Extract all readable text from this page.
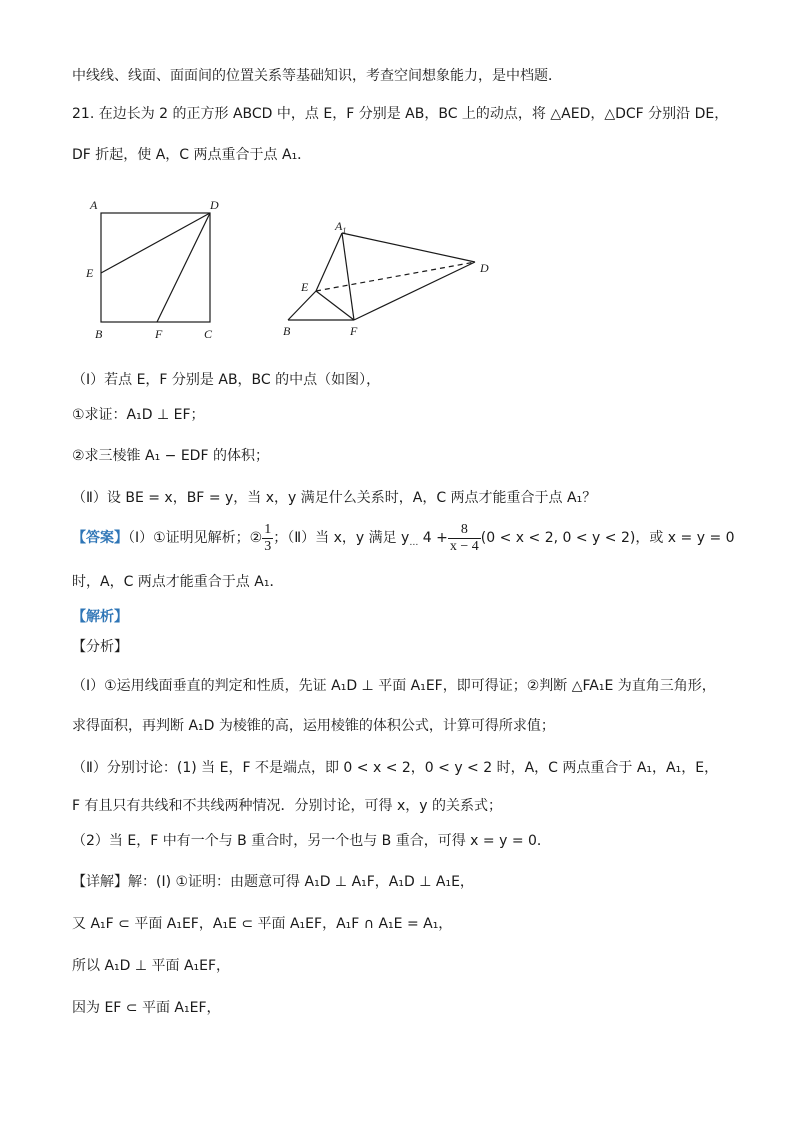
中线线、线面、面面间的位置关系等基础知识，考查空间想象能力，是中档题．
21. 在边长为 2 的正方形 ABCD 中，点 E，F 分别是 AB，BC 上的动点，将 △AED，△DCF 分别沿 DE，
DF 折起，使 A，C 两点重合于点 A₁．
A	D
E
B	F	C
$A_1$
D
E
B	F
（Ⅰ）若点 E，F 分别是 AB，BC 的中点（如图），
①求证：A₁D ⊥ EF；
②求三棱锥 A₁ − EDF 的体积；
（Ⅱ）设 BE = x，BF = y，当 x，y 满足什么关系时，A，C 两点才能重合于点 A₁？
【答案】（Ⅰ）①证明见解析；② $\frac{1}{3}$ ；（Ⅱ）当 x，y 满足 $y_\dots$ $4 + \frac{8}{x - 4} (0 < x < 2$, 0 < y < 2)，或 x = y = 0
时，A，C 两点才能重合于点 A₁．
【解析】
【分析】
（Ⅰ）①运用线面垂直的判定和性质，先证 A₁D ⊥ 平面 A₁EF，即可得证；②判断 △FA₁E 为直角三角形，
求得面积，再判断 A₁D 为棱锥的高，运用棱锥的体积公式，计算可得所求值；
（Ⅱ）分别讨论：(1) 当 E，F 不是端点，即 0 < x < 2，0 < y < 2 时，A，C 两点重合于 A₁，A₁，E，
F 有且只有共线和不共线两种情况．分别讨论，可得 x，y 的关系式；
（2）当 E，F 中有一个与 B 重合时，另一个也与 B 重合，可得 x = y = 0．
【详解】解：(Ⅰ) ①证明：由题意可得 A₁D ⊥ A₁F，A₁D ⊥ A₁E，
又 A₁F ⊂ 平面 A₁EF，A₁E ⊂ 平面 A₁EF，A₁F ∩ A₁E = A₁，
所以 A₁D ⊥ 平面 A₁EF，
因为 EF ⊂ 平面 A₁EF，
